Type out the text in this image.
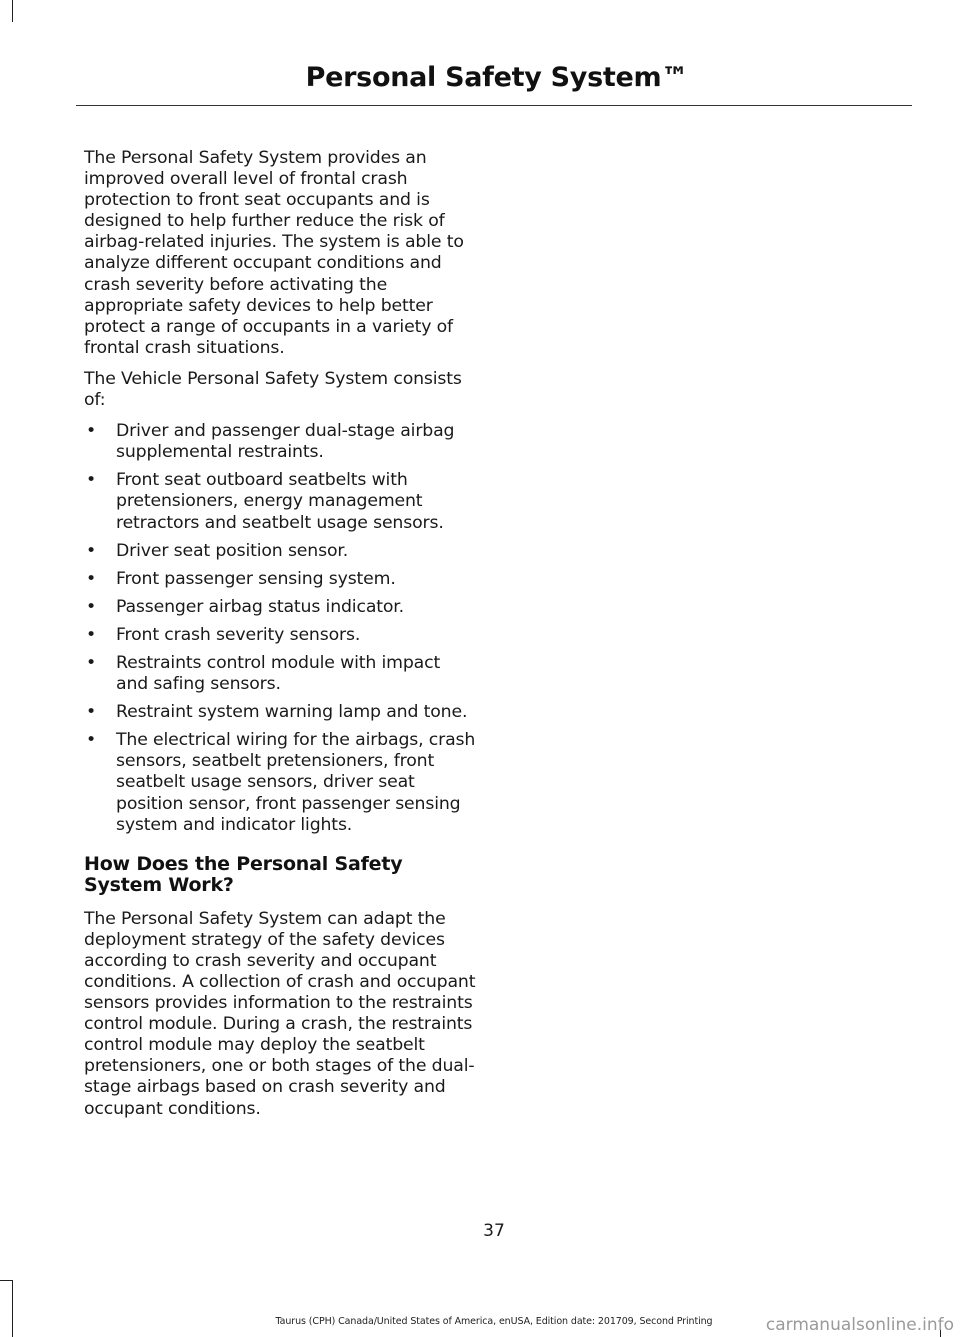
Personal Safety System™

The Personal Safety System provides an improved overall level of frontal crash protection to front seat occupants and is designed to help further reduce the risk of airbag-related injuries. The system is able to analyze different occupant conditions and crash severity before activating the appropriate safety devices to help better protect a range of occupants in a variety of frontal crash situations.

The Vehicle Personal Safety System consists of:

• Driver and passenger dual-stage airbag supplemental restraints.
• Front seat outboard seatbelts with pretensioners, energy management retractors and seatbelt usage sensors.
• Driver seat position sensor.
• Front passenger sensing system.
• Passenger airbag status indicator.
• Front crash severity sensors.
• Restraints control module with impact and safing sensors.
• Restraint system warning lamp and tone.
• The electrical wiring for the airbags, crash sensors, seatbelt pretensioners, front seatbelt usage sensors, driver seat position sensor, front passenger sensing system and indicator lights.
How Does the Personal Safety System Work?

The Personal Safety System can adapt the deployment strategy of the safety devices according to crash severity and occupant conditions. A collection of crash and occupant sensors provides information to the restraints control module. During a crash, the restraints control module may deploy the seatbelt pretensioners, one or both stages of the dual-stage airbags based on crash severity and occupant conditions.

37
Taurus (CPH) Canada/United States of America, enUSA, Edition date: 201709, Second Printing	carmanualsonline.info
